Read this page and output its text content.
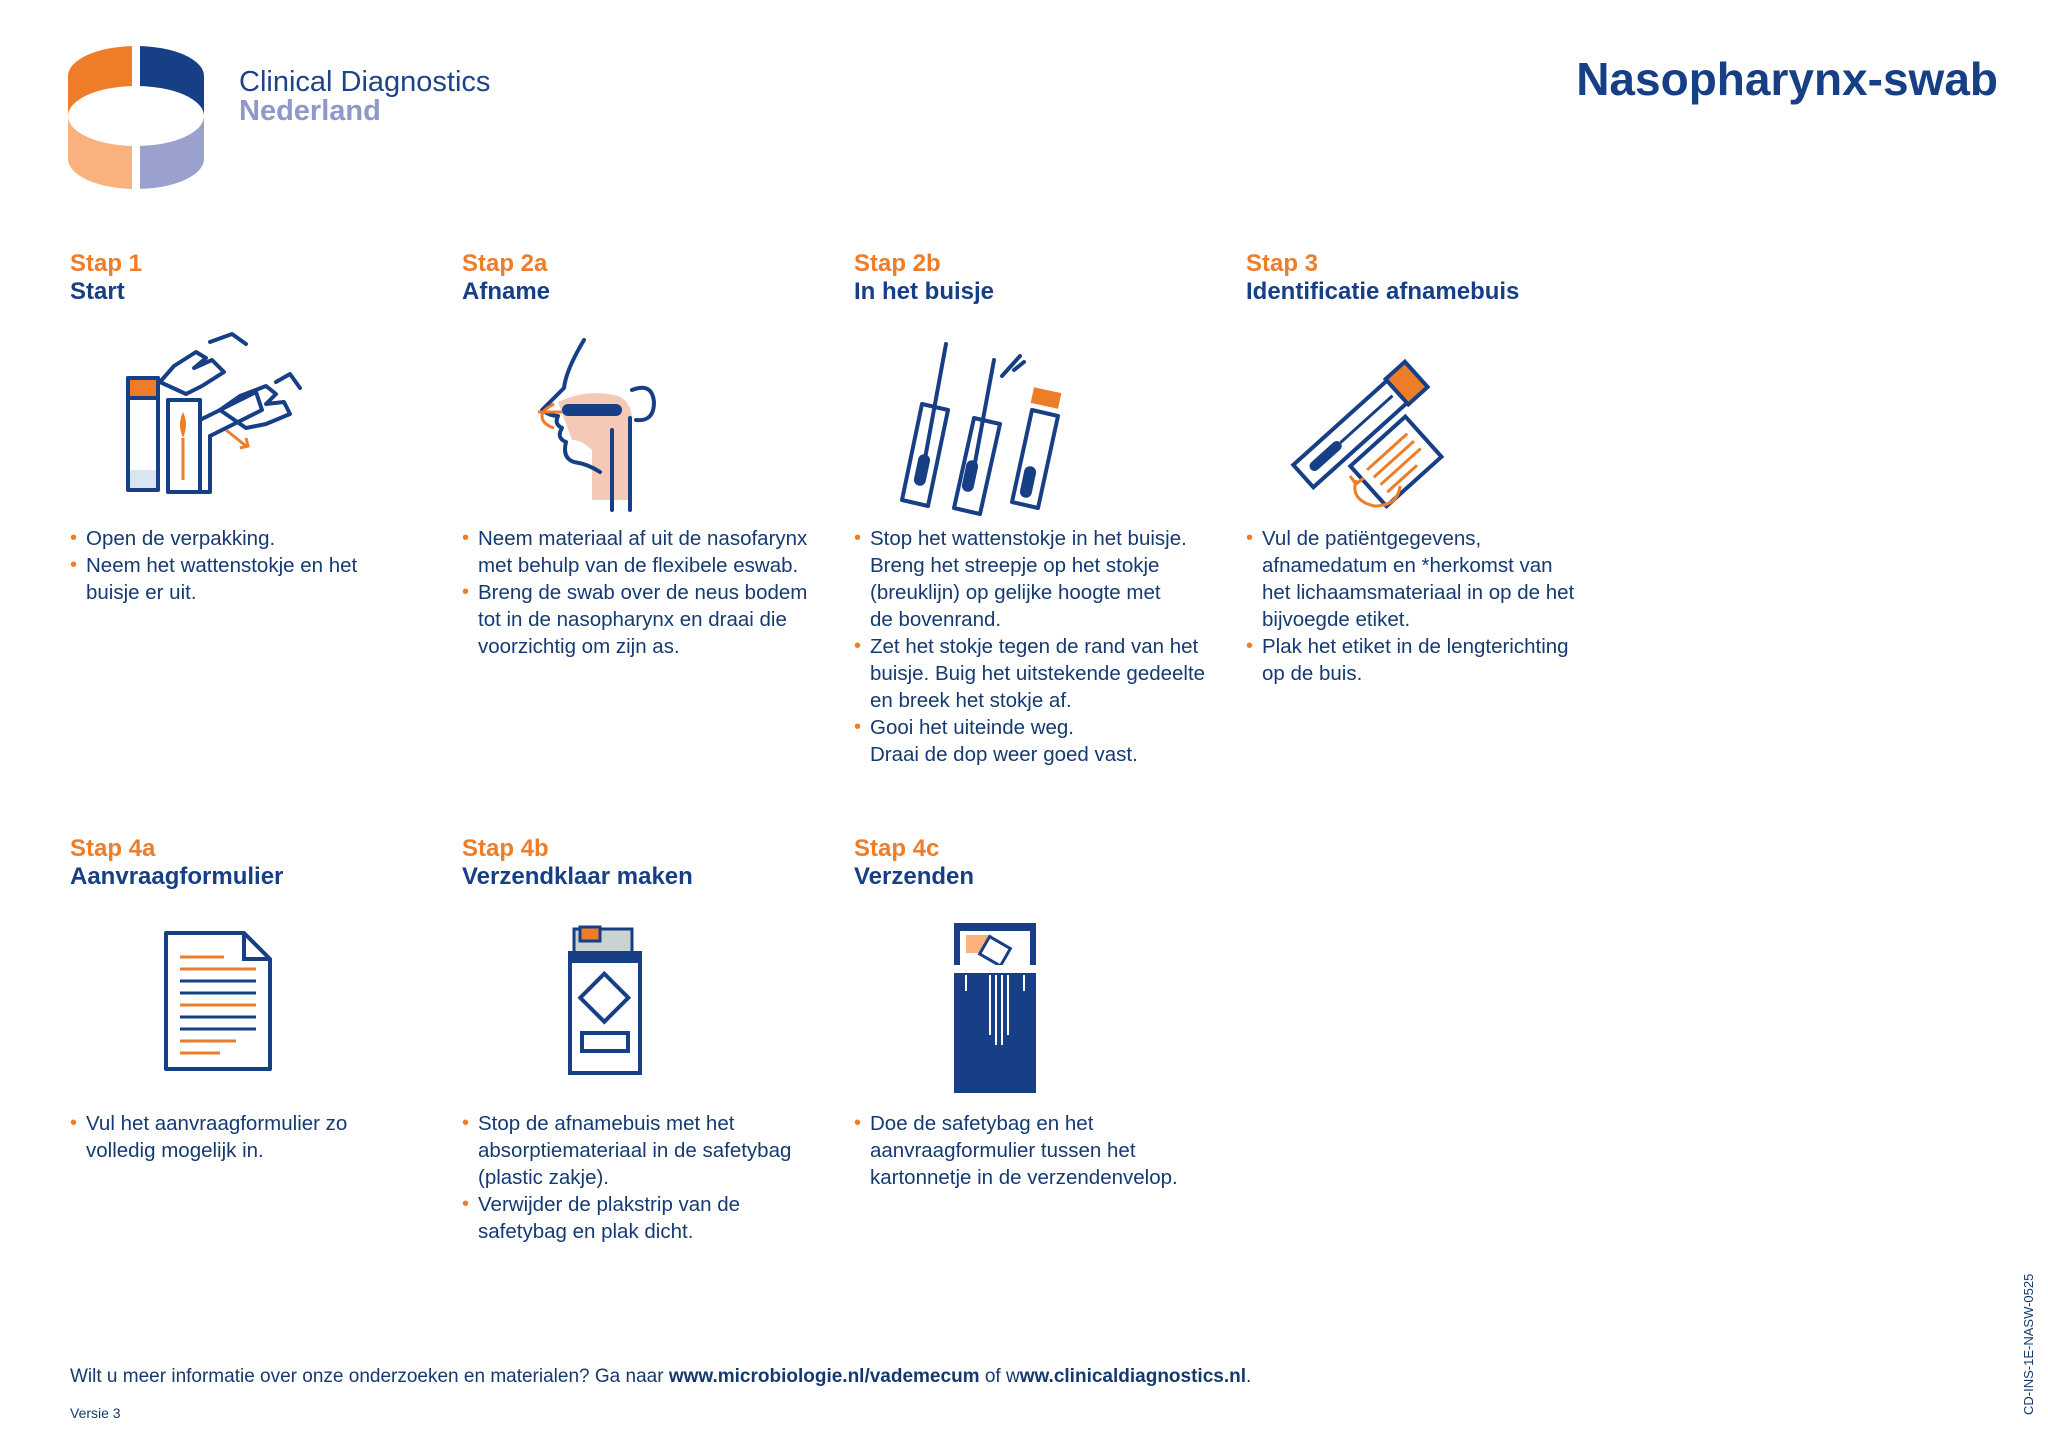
Clinical Diagnostics
Nederland
Nasopharynx-swab
Stap 1
Start
• Open de verpakking.
• Neem het wattenstokje en het
buisje er uit.
Stap 2a
Afname
• Neem materiaal af uit de nasofarynx
met behulp van de flexibele eswab.
• Breng de swab over de neus bodem
tot in de nasopharynx en draai die
voorzichtig om zijn as.
Stap 2b
In het buisje
• Stop het wattenstokje in het buisje.
Breng het streepje op het stokje
(breuklijn) op gelijke hoogte met
de bovenrand.
• Zet het stokje tegen de rand van het
buisje. Buig het uitstekende gedeelte
en breek het stokje af.
• Gooi het uiteinde weg.
Draai de dop weer goed vast.
Stap 3
Identificatie afnamebuis
• Vul de patiëntgegevens,
afnamedatum en *herkomst van
het lichaamsmateriaal in op de het
bijvoegde etiket.
• Plak het etiket in de lengterichting
op de buis.
Stap 4a
Aanvraagformulier
• Vul het aanvraagformulier zo
volledig mogelijk in.
Stap 4b
Verzendklaar maken
• Stop de afnamebuis met het
absorptiemateriaal in de safetybag
(plastic zakje).
• Verwijder de plakstrip van de
safetybag en plak dicht.
Stap 4c
Verzenden
• Doe de safetybag en het
aanvraagformulier tussen het
kartonnetje in de verzendenvelop.
Wilt u meer informatie over onze onderzoeken en materialen? Ga naar www.microbiologie.nl/vademecum of www.clinicaldiagnostics.nl.
Versie 3	CD-INS-1E-NASW-0525
